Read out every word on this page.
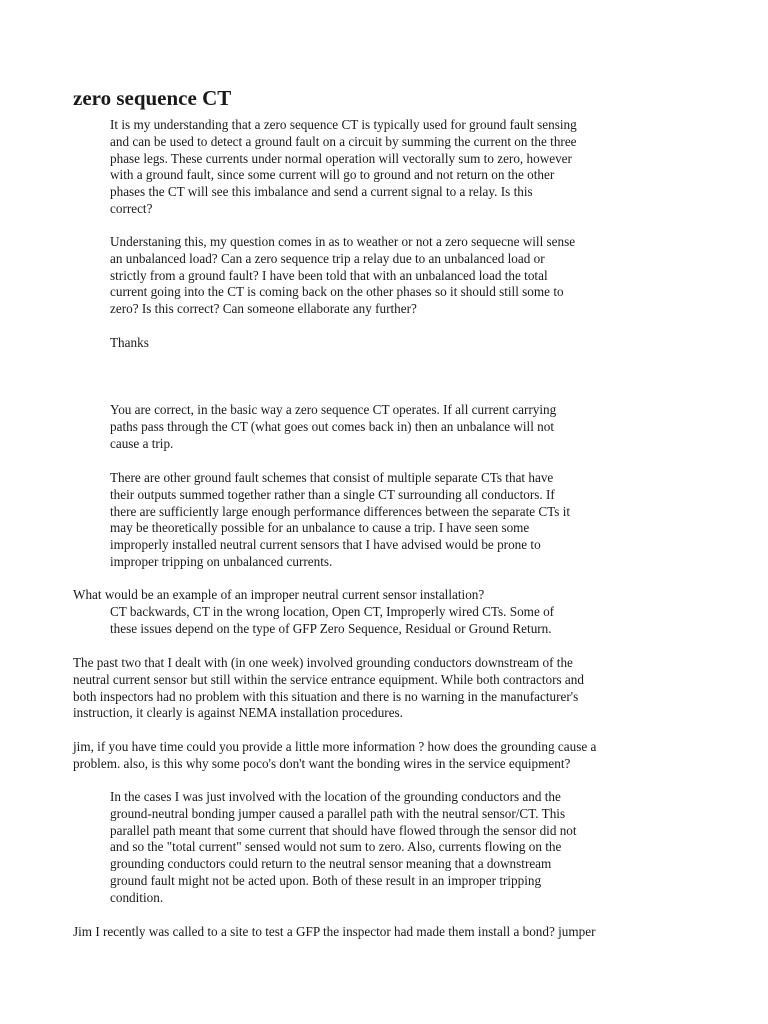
zero sequence CT

It is my understanding that a zero sequence CT is typically used for ground fault sensing
and can be used to detect a ground fault on a circuit by summing the current on the three
phase legs. These currents under normal operation will vectorally sum to zero, however
with a ground fault, since some current will go to ground and not return on the other
phases the CT will see this imbalance and send a current signal to a relay. Is this
correct?

Understaning this, my question comes in as to weather or not a zero sequecne will sense
an unbalanced load? Can a zero sequence trip a relay due to an unbalanced load or
strictly from a ground fault? I have been told that with an unbalanced load the total
current going into the CT is coming back on the other phases so it should still some to
zero? Is this correct? Can someone ellaborate any further?

Thanks

You are correct, in the basic way a zero sequence CT operates. If all current carrying
paths pass through the CT (what goes out comes back in) then an unbalance will not
cause a trip.

There are other ground fault schemes that consist of multiple separate CTs that have
their outputs summed together rather than a single CT surrounding all conductors. If
there are sufficiently large enough performance differences between the separate CTs it
may be theoretically possible for an unbalance to cause a trip. I have seen some
improperly installed neutral current sensors that I have advised would be prone to
improper tripping on unbalanced currents.

What would be an example of an improper neutral current sensor installation?

CT backwards, CT in the wrong location, Open CT, Improperly wired CTs. Some of
these issues depend on the type of GFP Zero Sequence, Residual or Ground Return.

The past two that I dealt with (in one week) involved grounding conductors downstream of the
neutral current sensor but still within the service entrance equipment. While both contractors and
both inspectors had no problem with this situation and there is no warning in the manufacturer's
instruction, it clearly is against NEMA installation procedures.

jim, if you have time could you provide a little more information ? how does the grounding cause a
problem. also, is this why some poco's don't want the bonding wires in the service equipment?

In the cases I was just involved with the location of the grounding conductors and the
ground-neutral bonding jumper caused a parallel path with the neutral sensor/CT. This
parallel path meant that some current that should have flowed through the sensor did not
and so the "total current" sensed would not sum to zero. Also, currents flowing on the
grounding conductors could return to the neutral sensor meaning that a downstream
ground fault might not be acted upon. Both of these result in an improper tripping
condition.

Jim I recently was called to a site to test a GFP the inspector had made them install a bond? jumper
